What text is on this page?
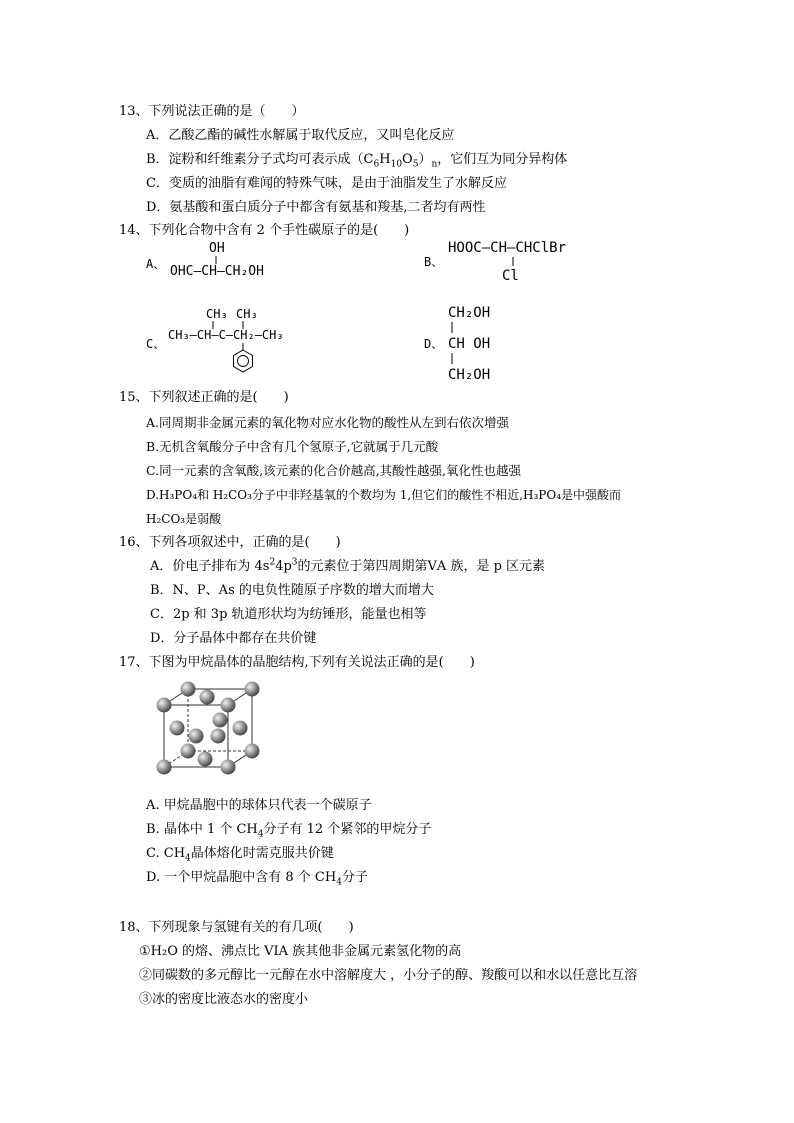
13、下列说法正确的是（　　）
A．乙酸乙酯的碱性水解属于取代反应，又叫皂化反应
B．淀粉和纤维素分子式均可表示成$(C_6H_{10}O_5)_n$，它们互为同分异构体
C．变质的油脂有难闻的特殊气味，是由于油脂发生了水解反应
D．氨基酸和蛋白质分子中都含有氨基和羧基,二者均有两性
14、下列化合物中含有 2 个手性碳原子的是(　　)
A、
OH
OHC—CH—CH₂OH
B、
HOOC—CH—CHClBr
Cl
C、
CH₃ CH₃
CH₃—CH—C—CH₂—CH₃
D、
CH₂OH
CH OH
CH₂OH
15、下列叙述正确的是(　　)
A.同周期非金属元素的氧化物对应水化物的酸性从左到右依次增强
B.无机含氧酸分子中含有几个氢原子,它就属于几元酸
C.同一元素的含氧酸,该元素的化合价越高,其酸性越强,氧化性也越强
D.H₃PO₄和 H₂CO₃分子中非羟基氧的个数均为 1,但它们的酸性不相近,H₃PO₄是中强酸而
H₂CO₃是弱酸
16、下列各项叙述中，正确的是(　　)
A．价电子排布为 $4s^24p^3$的元素位于第四周期第ⅤA 族，是 p 区元素
B．N、P、As 的电负性随原子序数的增大而增大
C．2p 和 3p 轨道形状均为纺锤形，能量也相等
D．分子晶体中都存在共价键
17、下图为甲烷晶体的晶胞结构,下列有关说法正确的是(　　)
A. 甲烷晶胞中的球体只代表一个碳原子
B. 晶体中 1 个 $CH_4$分子有 12 个紧邻的甲烷分子
C. $CH_4$晶体熔化时需克服共价键
D. 一个甲烷晶胞中含有 8 个 $CH_4$分子
18、下列现象与氢键有关的有几项(　　)
①H₂O 的熔、沸点比 VIA 族其他非金属元素氢化物的高
②同碳数的多元醇比一元醇在水中溶解度大 ，小分子的醇、羧酸可以和水以任意比互溶
③冰的密度比液态水的密度小
